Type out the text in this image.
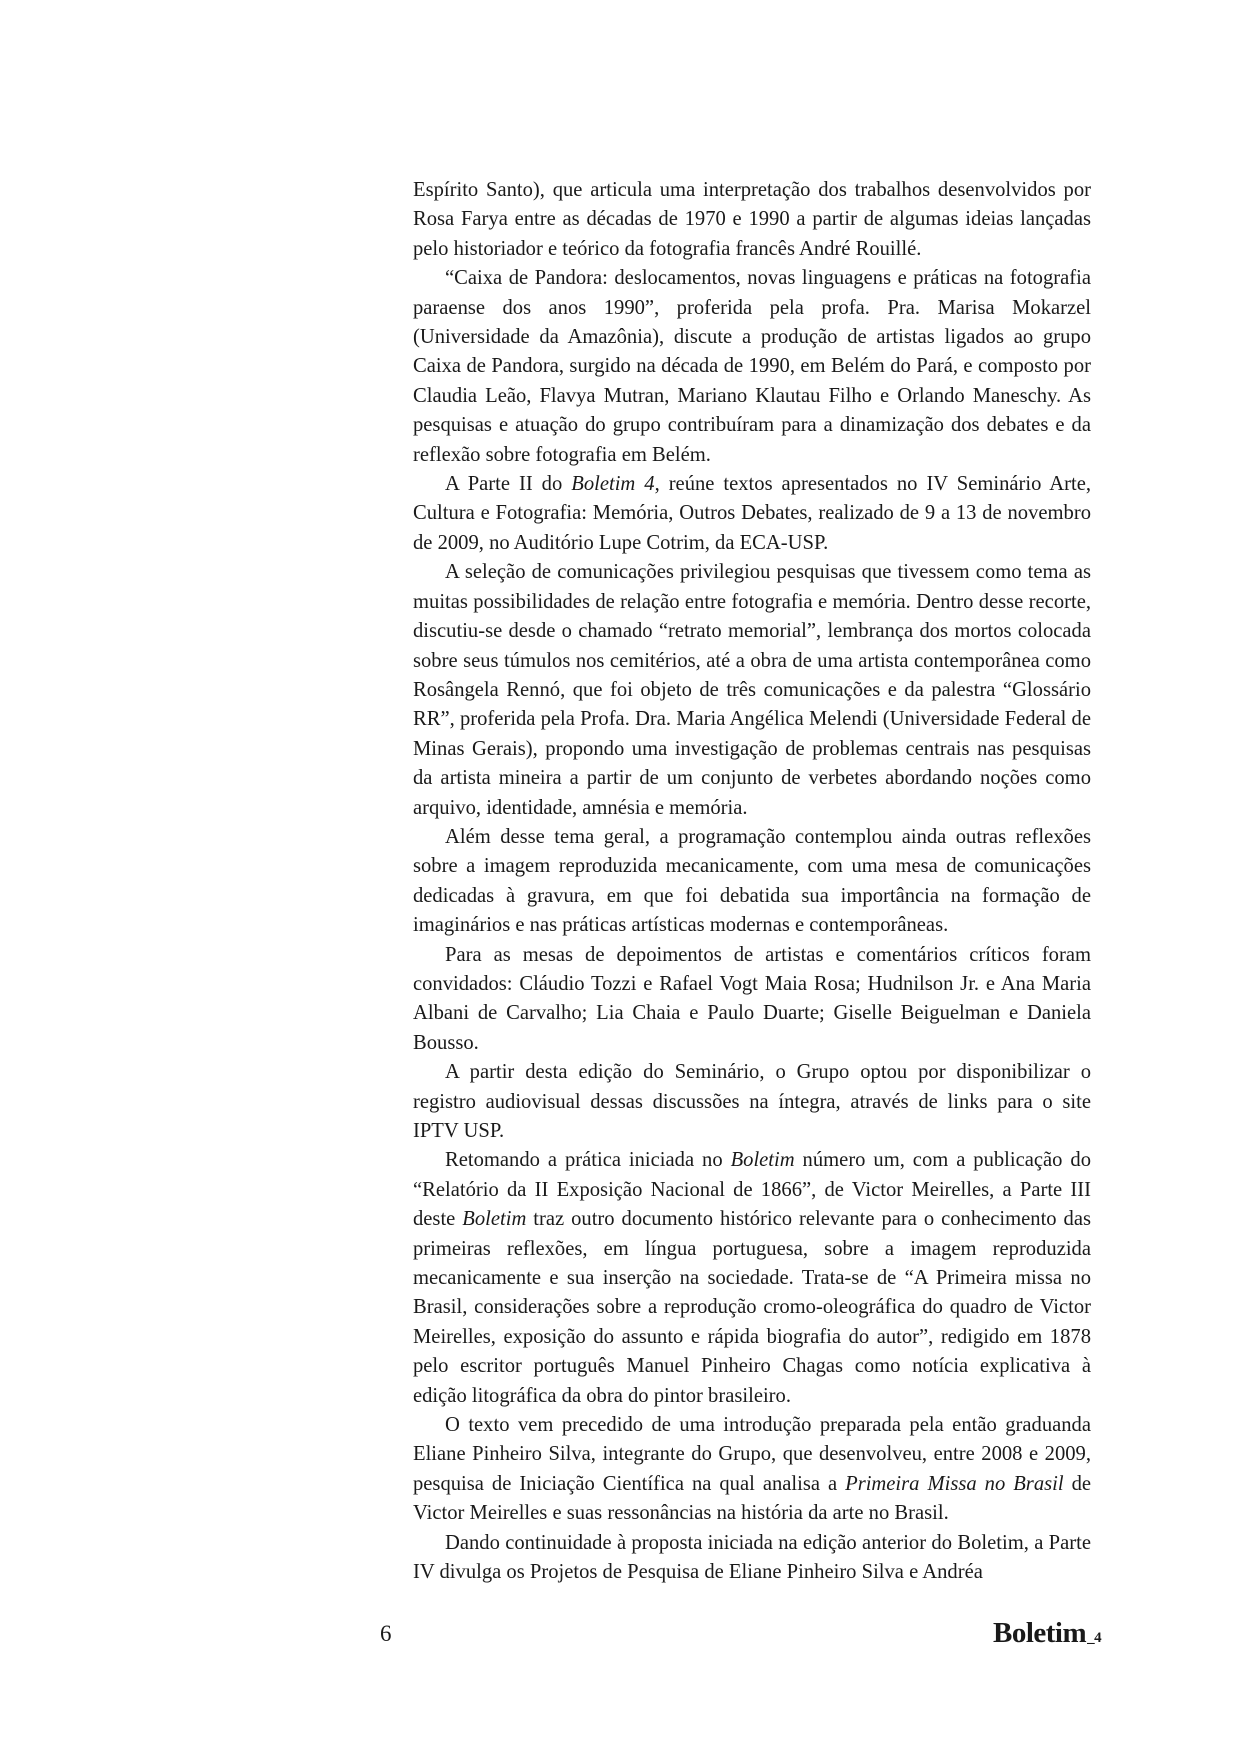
Espírito Santo), que articula uma interpretação dos trabalhos desenvolvidos por Rosa Farya entre as décadas de 1970 e 1990 a partir de algumas ideias lançadas pelo historiador e teórico da fotografia francês André Rouillé.

“Caixa de Pandora: deslocamentos, novas linguagens e práticas na fotografia paraense dos anos 1990”, proferida pela profa. Pra. Marisa Mokarzel (Universidade da Amazônia), discute a produção de artistas ligados ao grupo Caixa de Pandora, surgido na década de 1990, em Belém do Pará, e composto por Claudia Leão, Flavya Mutran, Mariano Klautau Filho e Orlando Maneschy. As pesquisas e atuação do grupo contribuíram para a dinamização dos debates e da reflexão sobre fotografia em Belém.

A Parte II do Boletim 4, reúne textos apresentados no IV Seminário Arte, Cultura e Fotografia: Memória, Outros Debates, realizado de 9 a 13 de novembro de 2009, no Auditório Lupe Cotrim, da ECA-USP.

A seleção de comunicações privilegiou pesquisas que tivessem como tema as muitas possibilidades de relação entre fotografia e memória. Dentro desse recorte, discutiu-se desde o chamado “retrato memorial”, lembrança dos mortos colocada sobre seus túmulos nos cemitérios, até a obra de uma artista contemporânea como Rosângela Rennó, que foi objeto de três comunicações e da palestra “Glossário RR”, proferida pela Profa. Dra. Maria Angélica Melendi (Universidade Federal de Minas Gerais), propondo uma investigação de problemas centrais nas pesquisas da artista mineira a partir de um conjunto de verbetes abordando noções como arquivo, identidade, amnésia e memória.

Além desse tema geral, a programação contemplou ainda outras reflexões sobre a imagem reproduzida mecanicamente, com uma mesa de comunicações dedicadas à gravura, em que foi debatida sua importância na formação de imaginários e nas práticas artísticas modernas e contemporâneas.

Para as mesas de depoimentos de artistas e comentários críticos foram convidados: Cláudio Tozzi e Rafael Vogt Maia Rosa; Hudnilson Jr. e Ana Maria Albani de Carvalho; Lia Chaia e Paulo Duarte; Giselle Beiguelman e Daniela Bousso.

A partir desta edição do Seminário, o Grupo optou por disponibilizar o registro audiovisual dessas discussões na íntegra, através de links para o site IPTV USP.

Retomando a prática iniciada no Boletim número um, com a publicação do “Relatório da II Exposição Nacional de 1866”, de Victor Meirelles, a Parte III deste Boletim traz outro documento histórico relevante para o conhecimento das primeiras reflexões, em língua portuguesa, sobre a imagem reproduzida mecanicamente e sua inserção na sociedade. Trata-se de “A Primeira missa no Brasil, considerações sobre a reprodução cromo-oleográfica do quadro de Victor Meirelles, exposição do assunto e rápida biografia do autor”, redigido em 1878 pelo escritor português Manuel Pinheiro Chagas como notícia explicativa à edição litográfica da obra do pintor brasileiro.

O texto vem precedido de uma introdução preparada pela então graduanda Eliane Pinheiro Silva, integrante do Grupo, que desenvolveu, entre 2008 e 2009, pesquisa de Iniciação Científica na qual analisa a Primeira Missa no Brasil de Victor Meirelles e suas ressonâncias na história da arte no Brasil.

Dando continuidade à proposta iniciada na edição anterior do Boletim, a Parte IV divulga os Projetos de Pesquisa de Eliane Pinheiro Silva e Andréa

6	Boletim_4
